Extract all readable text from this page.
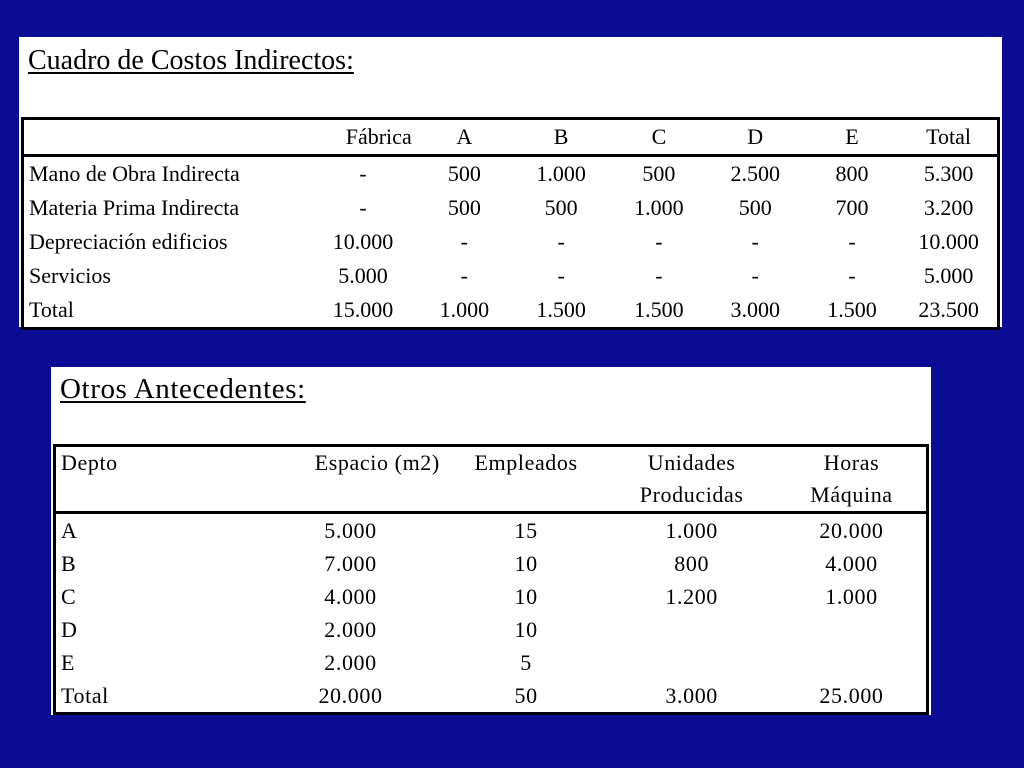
Cuadro de Costos Indirectos:
	Fábrica	A	B	C	D	E	Total
Mano de Obra Indirecta	-	500	1.000	500	2.500	800	5.300
Materia Prima Indirecta	-	500	500	1.000	500	700	3.200
Depreciación edificios	10.000	-	-	-	-	-	10.000
Servicios	5.000	-	-	-	-	-	5.000
Total	15.000	1.000	1.500	1.500	3.000	1.500	23.500
Otros Antecedentes:
Depto	Espacio (m2)	Empleados	Unidades	Horas
			Producidas	Máquina
A	5.000	15	1.000	20.000
B	7.000	10	800	4.000
C	4.000	10	1.200	1.000
D	2.000	10		
E	2.000	5		
Total	20.000	50	3.000	25.000
